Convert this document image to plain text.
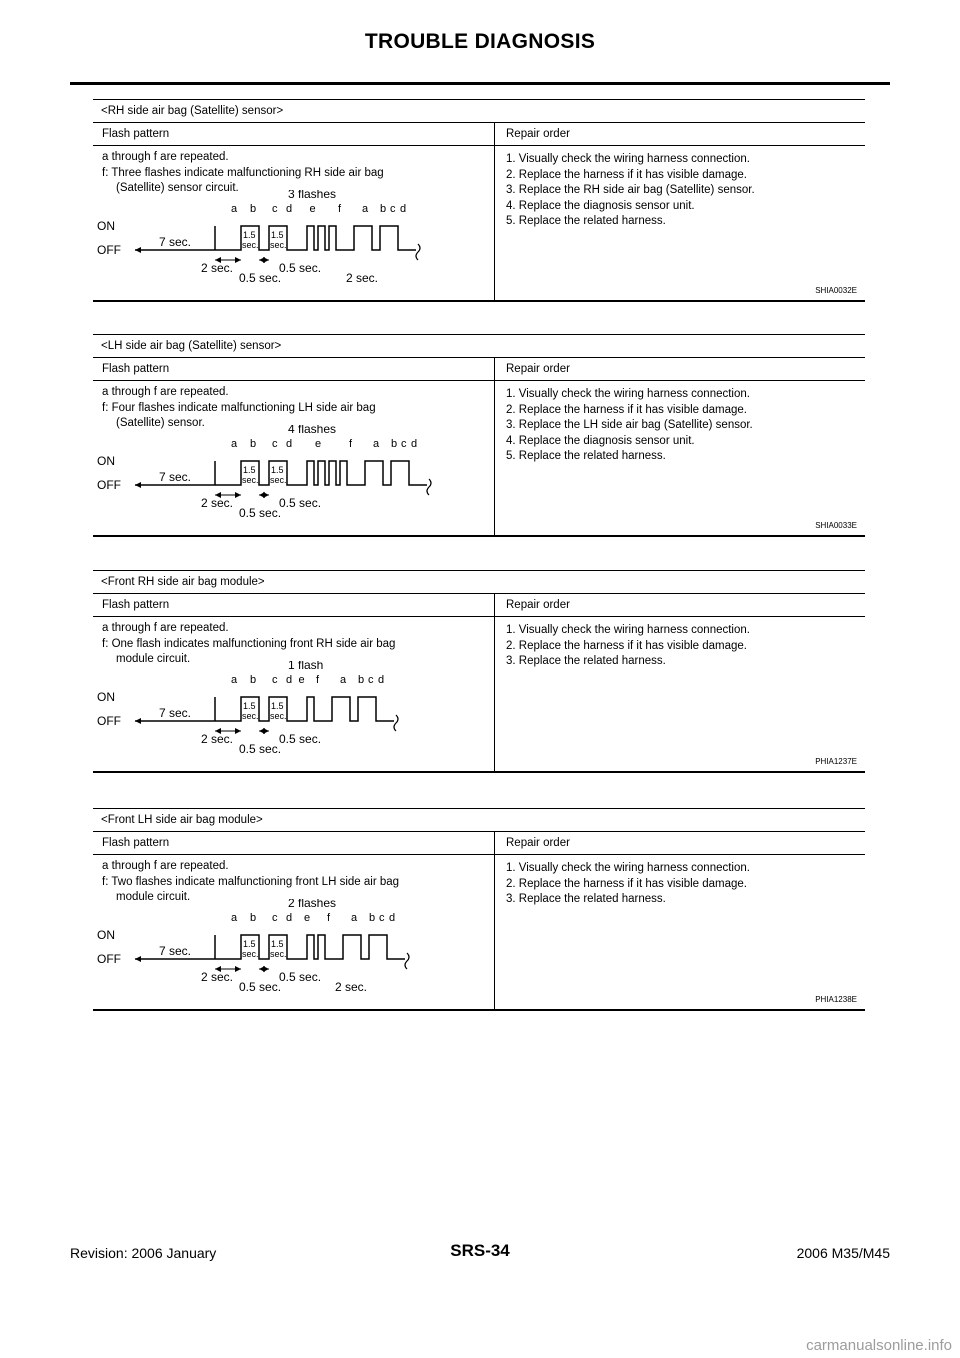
TROUBLE DIAGNOSIS
<RH side air bag (Satellite) sensor>
Flash pattern	Repair order
a through f are repeated.
f: Three flashes indicate malfunctioning RH side air bag
(Satellite) sensor circuit.
ON
OFF
3 flashes
7 sec.	1.5
sec.
1.5
sec.
a b c d e f a b c d
2 sec.
0.5 sec.
0.5 sec.
2 sec.
1. Visually check the wiring harness connection.
2. Replace the harness if it has visible damage.
3. Replace the RH side air bag (Satellite) sensor.
4. Replace the diagnosis sensor unit.
5. Replace the related harness.
SHIA0032E
<LH side air bag (Satellite) sensor>
Flash pattern	Repair order
a through f are repeated.
f: Four flashes indicate malfunctioning LH side air bag
(Satellite) sensor.
ON
OFF
4 flashes
7 sec.	1.5
sec.
1.5
sec.
a b c d e	f a b c d
2 sec.
0.5 sec.
0.5 sec.
1. Visually check the wiring harness connection.
2. Replace the harness if it has visible damage.
3. Replace the LH side air bag (Satellite) sensor.
4. Replace the diagnosis sensor unit.
5. Replace the related harness.
SHIA0033E
<Front RH side air bag module>
Flash pattern	Repair order
a through f are repeated.
f: One flash indicates malfunctioning front RH side air bag
module circuit.
ON
OFF
1 flash
7 sec.	1.5
sec.
1.5
sec.
a b c d e f a b c d
2 sec.
0.5 sec.
0.5 sec.
1. Visually check the wiring harness connection.
2. Replace the harness if it has visible damage.
3. Replace the related harness.
PHIA1237E
<Front LH side air bag module>
Flash pattern	Repair order
a through f are repeated.
f: Two flashes indicate malfunctioning front LH side air bag
module circuit.
ON
OFF
2 flashes
7 sec.	1.5
sec.
1.5
sec.
a b c d e f a b c d
2 sec.
0.5 sec.
0.5 sec.
2 sec.
1. Visually check the wiring harness connection.
2. Replace the harness if it has visible damage.
3. Replace the related harness.
PHIA1238E
Revision: 2006 January	SRS-34	2006 M35/M45
carmanualsonline.info
